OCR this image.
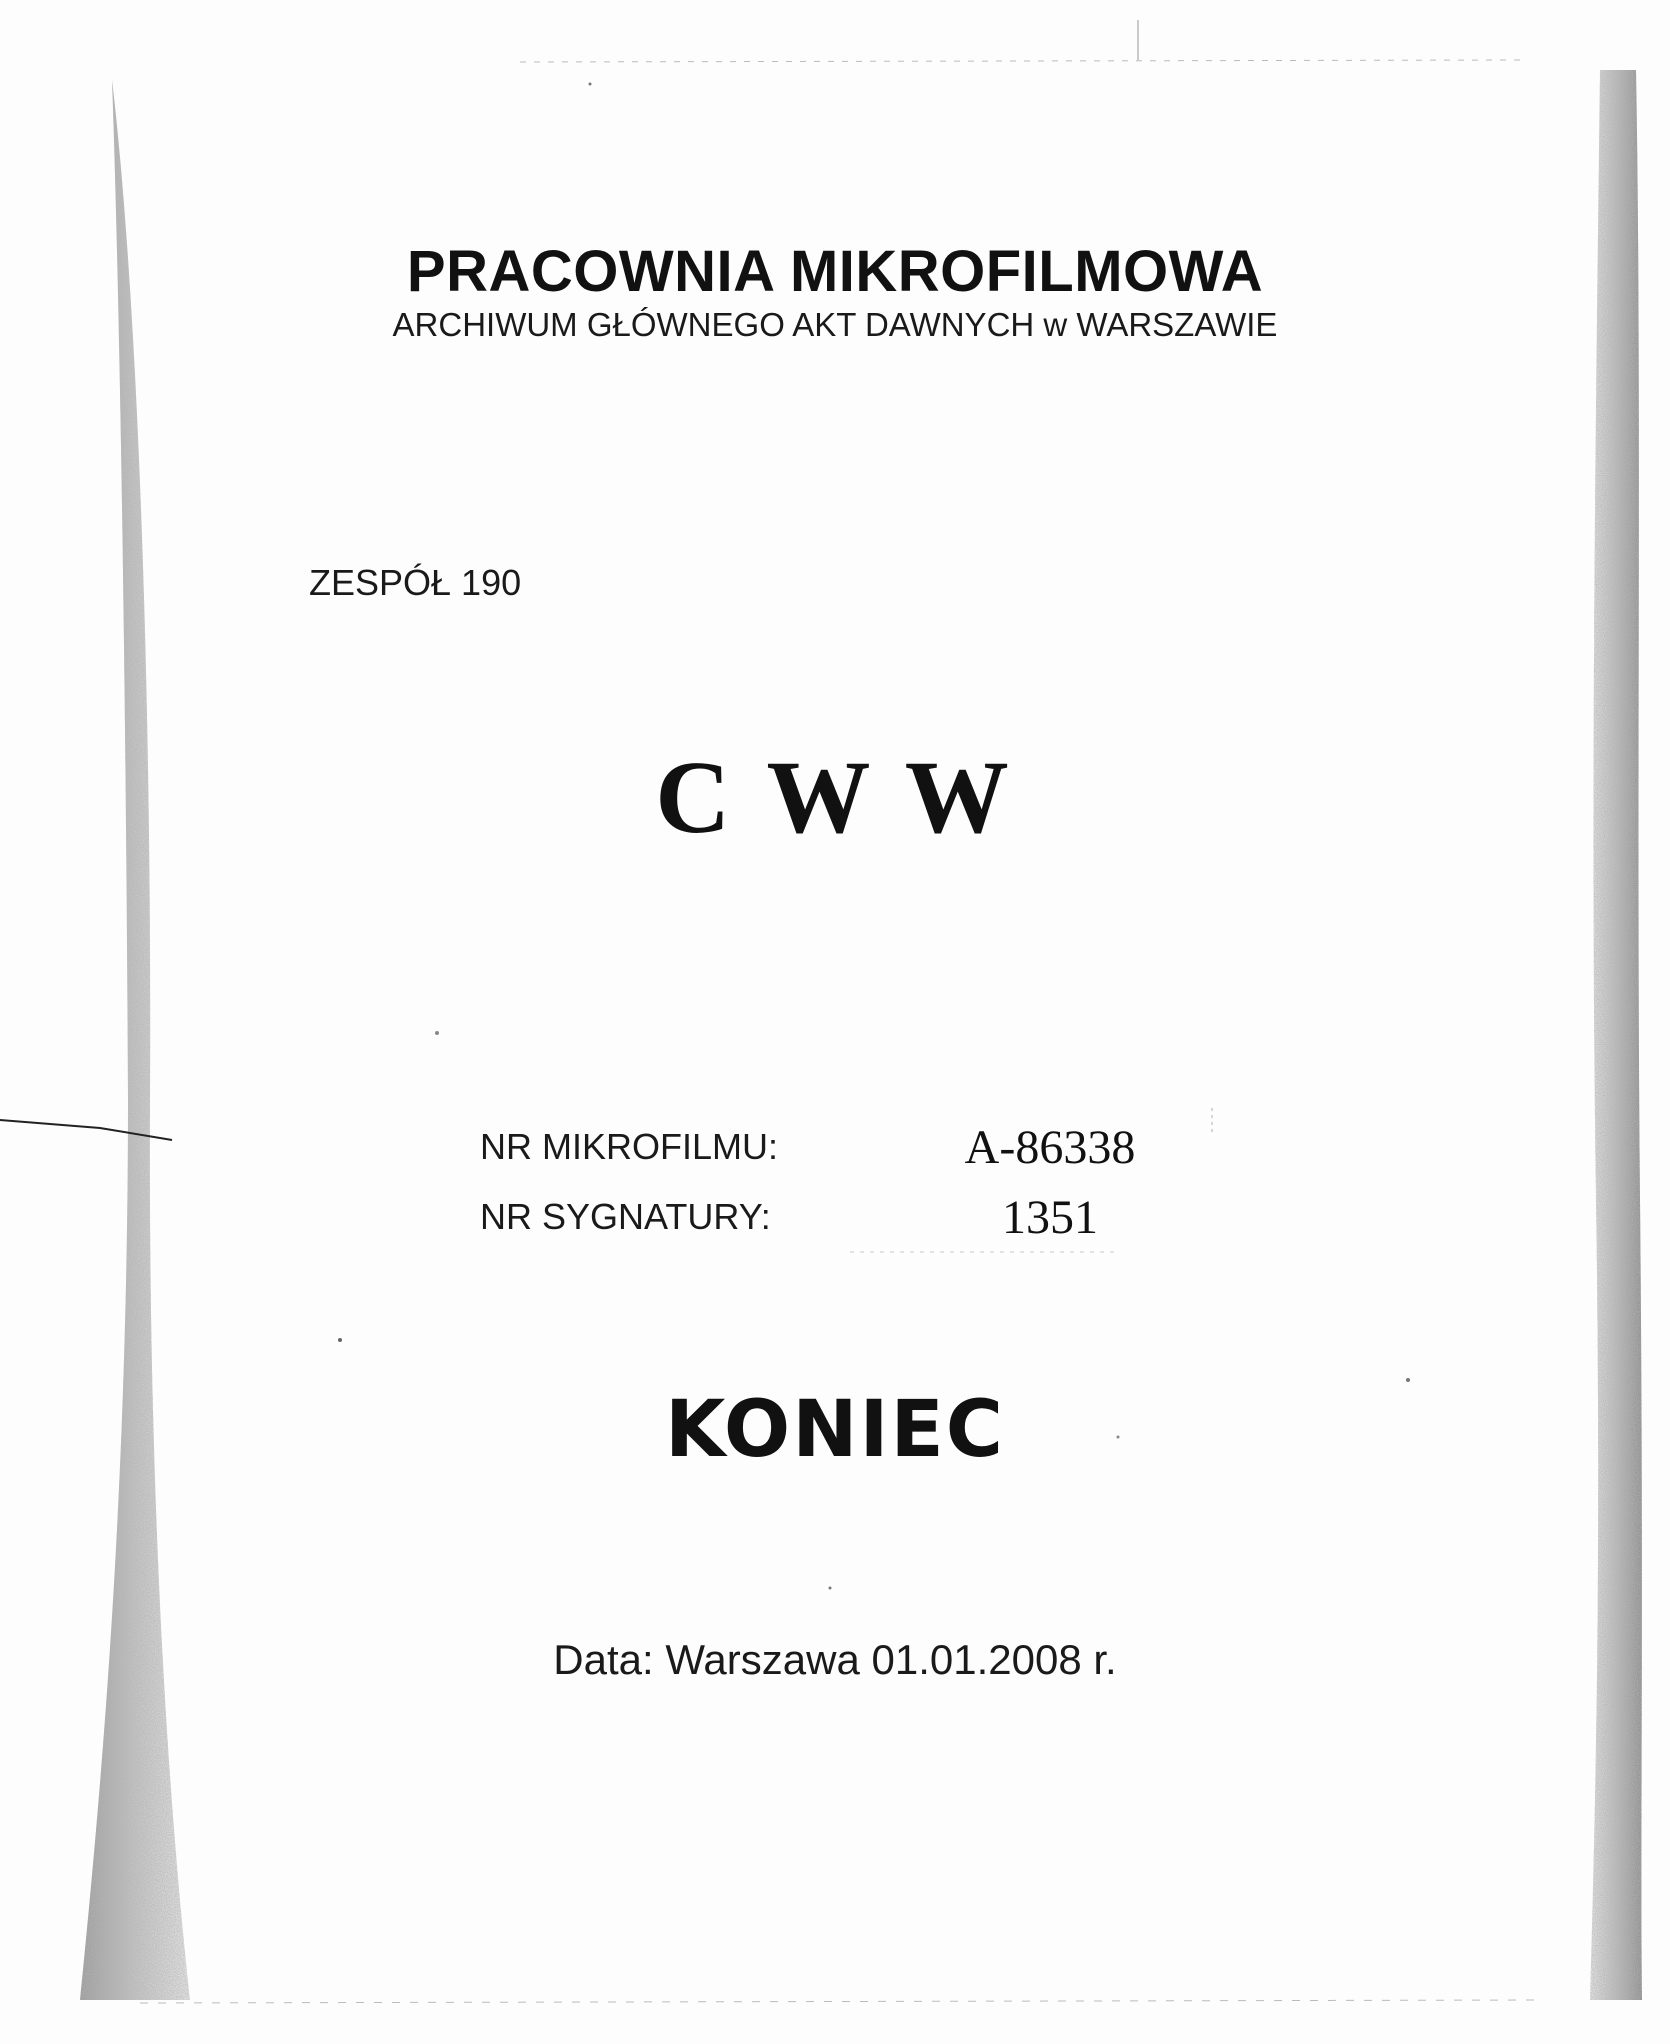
PRACOWNIA MIKROFILMOWA
ARCHIWUM GŁÓWNEGO AKT DAWNYCH w WARSZAWIE
ZESPÓŁ 190
C W W
NR MIKROFILMU:	A-86338
NR SYGNATURY:	1351
KONIEC
Data: Warszawa 01.01.2008 r.
